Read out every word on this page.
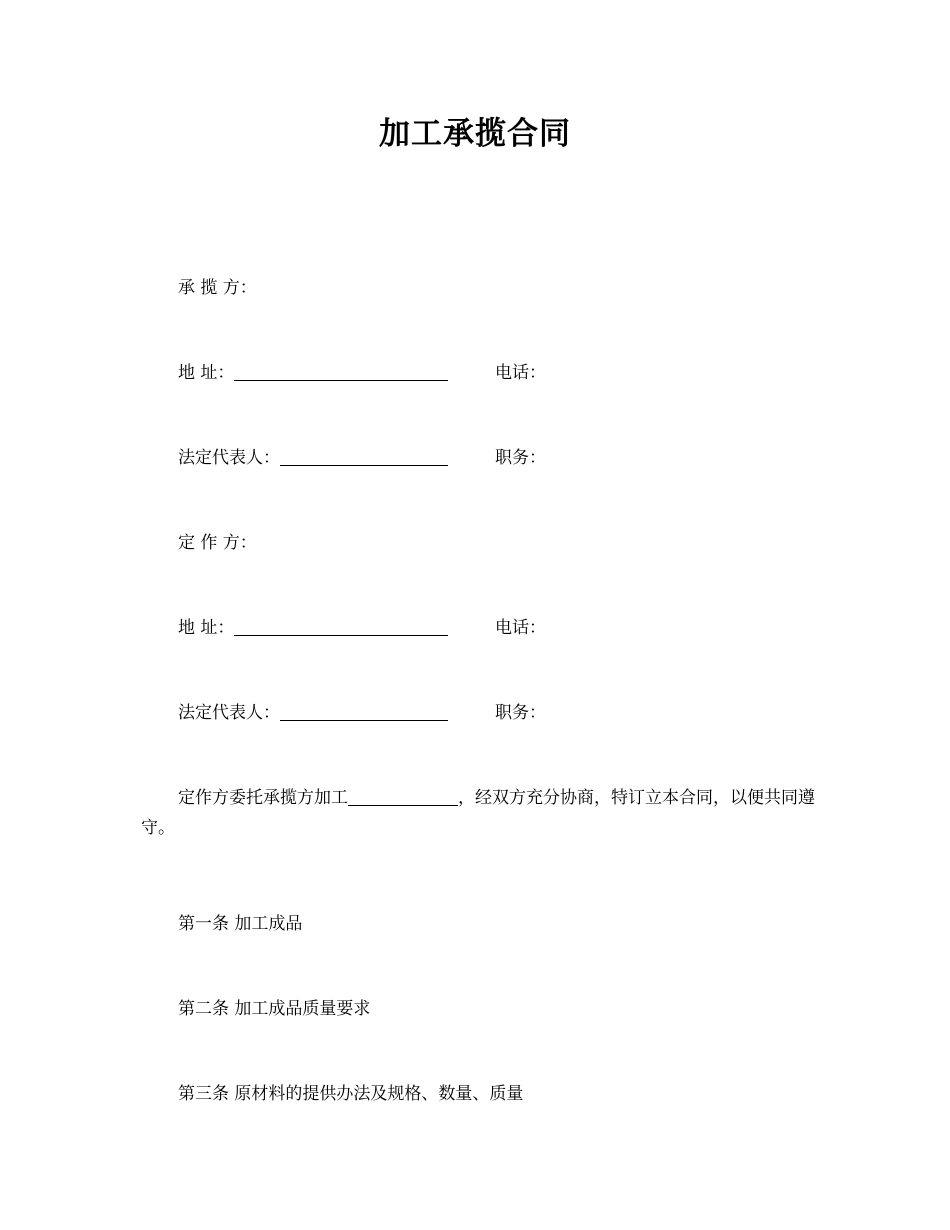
加工承揽合同
承 揽 方：
地 址：	电话：
法定代表人：	职务：
定 作 方：
地 址：	电话：
法定代表人：	职务：
定作方委托承揽方加工	，经双方充分协商，特订立本合同，以便共同遵守。
第一条 加工成品
第二条 加工成品质量要求
第三条 原材料的提供办法及规格、数量、质量
